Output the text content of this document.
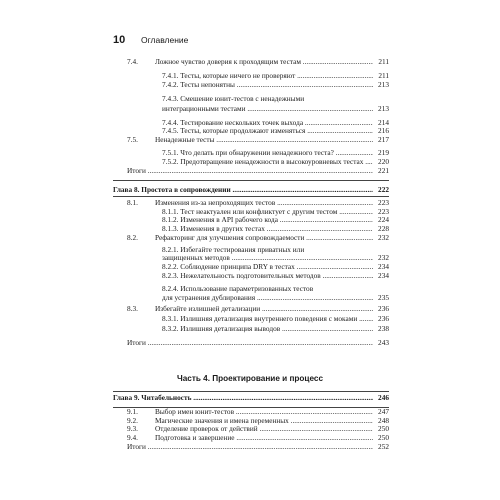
10 Оглавление
7.4. Ложное чувство доверия к проходящим тестам .....	211
7.4.1. Тесты, которые ничего не проверяют .....	211
7.4.2. Тесты непонятны .....	213
7.4.3. Смешение юнит-тестов с ненадежными
интеграционными тестами .....	213
7.4.4. Тестирование нескольких точек выхода .....	214
7.4.5. Тесты, которые продолжают изменяться .....	216
7.5. Ненадежные тесты .....	217
7.5.1. Что делать при обнаружении ненадежного теста? .....	219
7.5.2. Предотвращение ненадежности в высокоуровневых тестах .....	220
Итоги .....	221
Глава 8. Простота в сопровождении .....	222
8.1. Изменения из-за непроходящих тестов .....	223
8.1.1. Тест неактуален или конфликтует с другим тестом .....	223
8.1.2. Изменения в API рабочего кода .....	224
8.1.3. Изменения в других тестах .....	228
8.2. Рефакторинг для улучшения сопровождаемости .....	232
8.2.1. Избегайте тестирования приватных или
защищенных методов .....	232
8.2.2. Соблюдение принципа DRY в тестах .....	234
8.2.3. Нежелательность подготовительных методов .....	234
8.2.4. Использование параметризованных тестов
для устранения дублирования .....	235
8.3. Избегайте излишней детализации .....	236
8.3.1. Излишняя детализация внутреннего поведения с моками .....	236
8.3.2. Излишняя детализация выводов .....	238
Итоги .....	243
Глава 9. Читабельность .....	246
9.1. Выбор имен юнит-тестов .....	247
9.2. Магические значения и имена переменных .....	248
9.3. Отделение проверок от действий .....	250
9.4. Подготовка и завершение .....	250
Итоги .....	252
Часть 4. Проектирование и процесс
